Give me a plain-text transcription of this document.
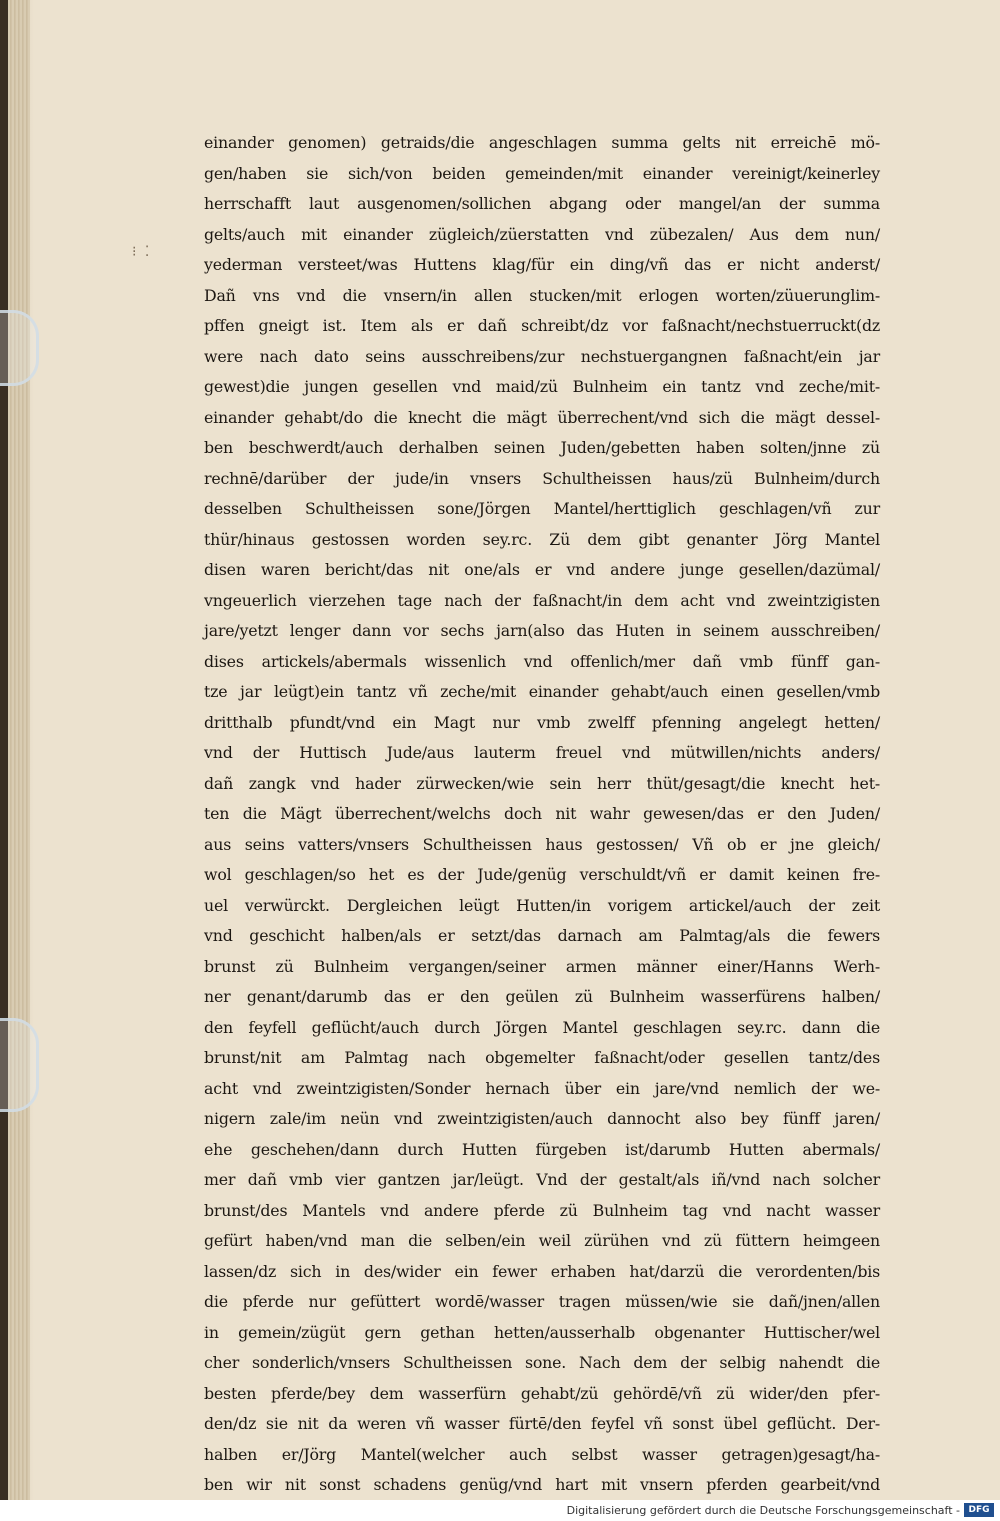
⁝ ⁚
einander genomen) getraids/die angeschlagen summa gelts nit erreichē mö-
gen/haben sie sich/von beiden gemeinden/mit einander vereinigt/keinerley
herrschafft laut ausgenomen/sollichen abgang oder mangel/an der summa
gelts/auch mit einander zügleich/züerstatten vnd zübezalen/ Aus dem nun/
yederman versteet/was Huttens klag/für ein ding/vñ das er nicht anderst/
Dañ vns vnd die vnsern/in allen stucken/mit erlogen worten/züuerunglim-
pffen gneigt ist. Item als er dañ schreibt/dz vor faßnacht/nechstuerruckt(dz
were nach dato seins ausschreibens/zur nechstuergangnen faßnacht/ein jar
gewest)die jungen gesellen vnd maid/zü Bulnheim ein tantz vnd zeche/mit-
einander gehabt/do die knecht die mägt überrechent/vnd sich die mägt dessel-
ben beschwerdt/auch derhalben seinen Juden/gebetten haben solten/jnne zü
rechnē/darüber der jude/in vnsers Schultheissen haus/zü Bulnheim/durch
desselben Schultheissen sone/Jörgen Mantel/herttiglich geschlagen/vñ zur
thür/hinaus gestossen worden sey.rc. Zü dem gibt genanter Jörg Mantel
disen waren bericht/das nit one/als er vnd andere junge gesellen/dazümal/
vngeuerlich vierzehen tage nach der faßnacht/in dem acht vnd zweintzigisten
jare/yetzt lenger dann vor sechs jarn(also das Huten in seinem ausschreiben/
dises artickels/abermals wissenlich vnd offenlich/mer dañ vmb fünff gan-
tze jar leügt)ein tantz vñ zeche/mit einander gehabt/auch einen gesellen/vmb
dritthalb pfundt/vnd ein Magt nur vmb zwelff pfenning angelegt hetten/
vnd der Huttisch Jude/aus lauterm freuel vnd mütwillen/nichts anders/
dañ zangk vnd hader zürwecken/wie sein herr thüt/gesagt/die knecht het-
ten die Mägt überrechent/welchs doch nit wahr gewesen/das er den Juden/
aus seins vatters/vnsers Schultheissen haus gestossen/ Vñ ob er jne gleich/
wol geschlagen/so het es der Jude/genüg verschuldt/vñ er damit keinen fre-
uel verwürckt. Dergleichen leügt Hutten/in vorigem artickel/auch der zeit
vnd geschicht halben/als er setzt/das darnach am Palmtag/als die fewers
brunst zü Bulnheim vergangen/seiner armen männer einer/Hanns Werh-
ner genant/darumb das er den geülen zü Bulnheim wasserfürens halben/
den feyfell geflücht/auch durch Jörgen Mantel geschlagen sey.rc. dann die
brunst/nit am Palmtag nach obgemelter faßnacht/oder gesellen tantz/des
acht vnd zweintzigisten/Sonder hernach über ein jare/vnd nemlich der we-
nigern zale/im neün vnd zweintzigisten/auch dannocht also bey fünff jaren/
ehe geschehen/dann durch Hutten fürgeben ist/darumb Hutten abermals/
mer dañ vmb vier gantzen jar/leügt. Vnd der gestalt/als iñ/vnd nach solcher
brunst/des Mantels vnd andere pferde zü Bulnheim tag vnd nacht wasser
gefürt haben/vnd man die selben/ein weil zürühen vnd zü füttern heimgeen
lassen/dz sich in des/wider ein fewer erhaben hat/darzü die verordenten/bis
die pferde nur gefüttert wordē/wasser tragen müssen/wie sie dañ/jnen/allen
in gemein/zügüt gern gethan hetten/ausserhalb obgenanter Huttischer/wel
cher sonderlich/vnsers Schultheissen sone. Nach dem der selbig nahendt die
besten pferde/bey dem wasserfürn gehabt/zü gehördē/vñ zü wider/den pfer-
den/dz sie nit da weren vñ wasser fürtē/den feyfel vñ sonst übel geflücht. Der-
halben er/Jörg Mantel(welcher auch selbst wasser getragen)gesagt/ha-
ben wir nit sonst schadens genüg/vnd hart mit vnsern pferden gearbeit/vnd
Digitalisierung gefördert durch die Deutsche Forschungsgemeinschaft - DFG
